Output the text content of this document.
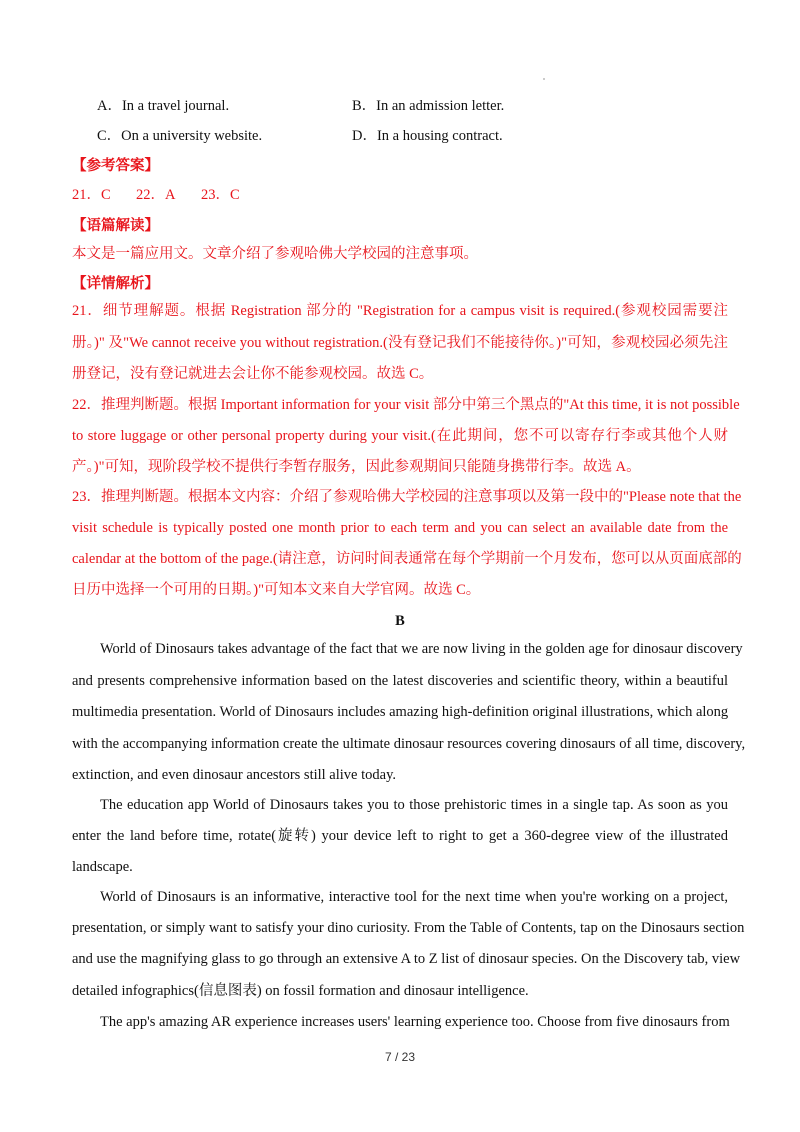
A．In a travel journal.	B．In an admission letter.
C．On a university website.	D．In a housing contract.
【参考答案】
21．C 22．A 23．C
【语篇解读】
本文是一篇应用文。文章介绍了参观哈佛大学校园的注意事项。
【详情解析】
21．细节理解题。根据 Registration 部分的 "Registration for a campus visit is required.(参观校园需要注
册。)" 及"We cannot receive you without registration.(没有登记我们不能接待你。)"可知，参观校园必须先注
册登记，没有登记就进去会让你不能参观校园。故选 C。
22．推理判断题。根据 Important information for your visit 部分中第三个黑点的"At this time, it is not possible
to store luggage or other personal property during your visit.(在此期间，您不可以寄存行李或其他个人财
产。)"可知，现阶段学校不提供行李暂存服务，因此参观期间只能随身携带行李。故选 A。
23．推理判断题。根据本文内容：介绍了参观哈佛大学校园的注意事项以及第一段中的"Please note that the
visit schedule is typically posted one month prior to each term and you can select an available date from the
calendar at the bottom of the page.(请注意，访问时间表通常在每个学期前一个月发布，您可以从页面底部的
日历中选择一个可用的日期。)"可知本文来自大学官网。故选 C。
B
World of Dinosaurs takes advantage of the fact that we are now living in the golden age for dinosaur discovery
and presents comprehensive information based on the latest discoveries and scientific theory, within a beautiful
multimedia presentation. World of Dinosaurs includes amazing high-definition original illustrations, which along
with the accompanying information create the ultimate dinosaur resources covering dinosaurs of all time, discovery,
extinction, and even dinosaur ancestors still alive today.
The education app World of Dinosaurs takes you to those prehistoric times in a single tap. As soon as you
enter the land before time, rotate(旋转) your device left to right to get a 360-degree view of the illustrated
landscape.
World of Dinosaurs is an informative, interactive tool for the next time when you're working on a project,
presentation, or simply want to satisfy your dino curiosity. From the Table of Contents, tap on the Dinosaurs section
and use the magnifying glass to go through an extensive A to Z list of dinosaur species. On the Discovery tab, view
detailed infographics(信息图表) on fossil formation and dinosaur intelligence.
The app's amazing AR experience increases users' learning experience too. Choose from five dinosaurs from
7 / 23
